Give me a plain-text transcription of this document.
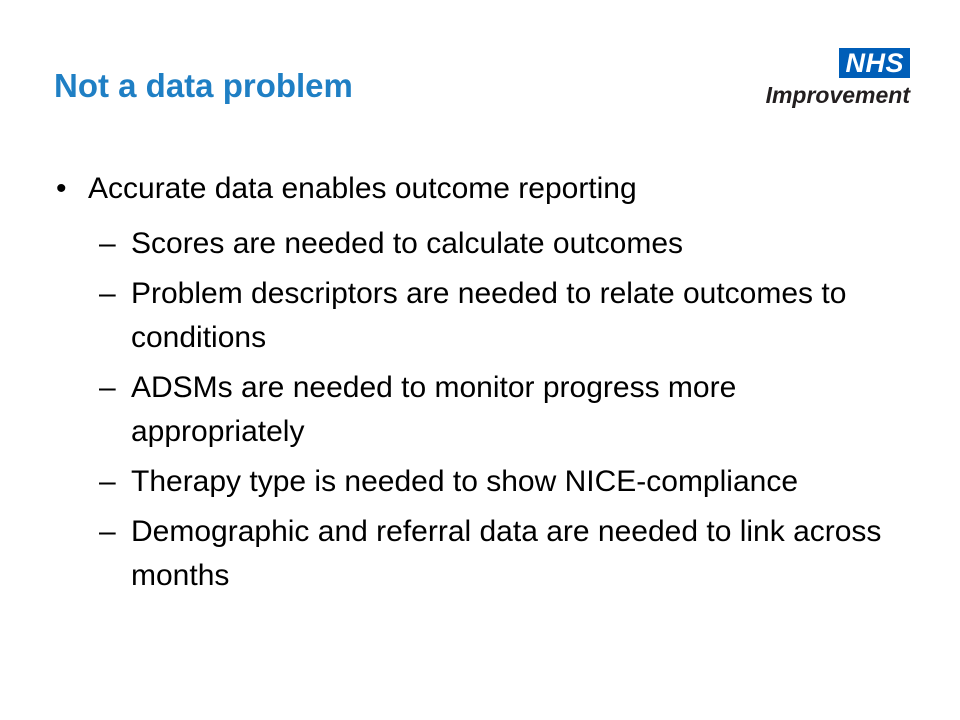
Not a data problem
NHS
Improvement
• Accurate data enables outcome reporting
– Scores are needed to calculate outcomes
– Problem descriptors are needed to relate outcomes to conditions
– ADSMs are needed to monitor progress more appropriately
– Therapy type is needed to show NICE-compliance
– Demographic and referral data are needed to link across months
